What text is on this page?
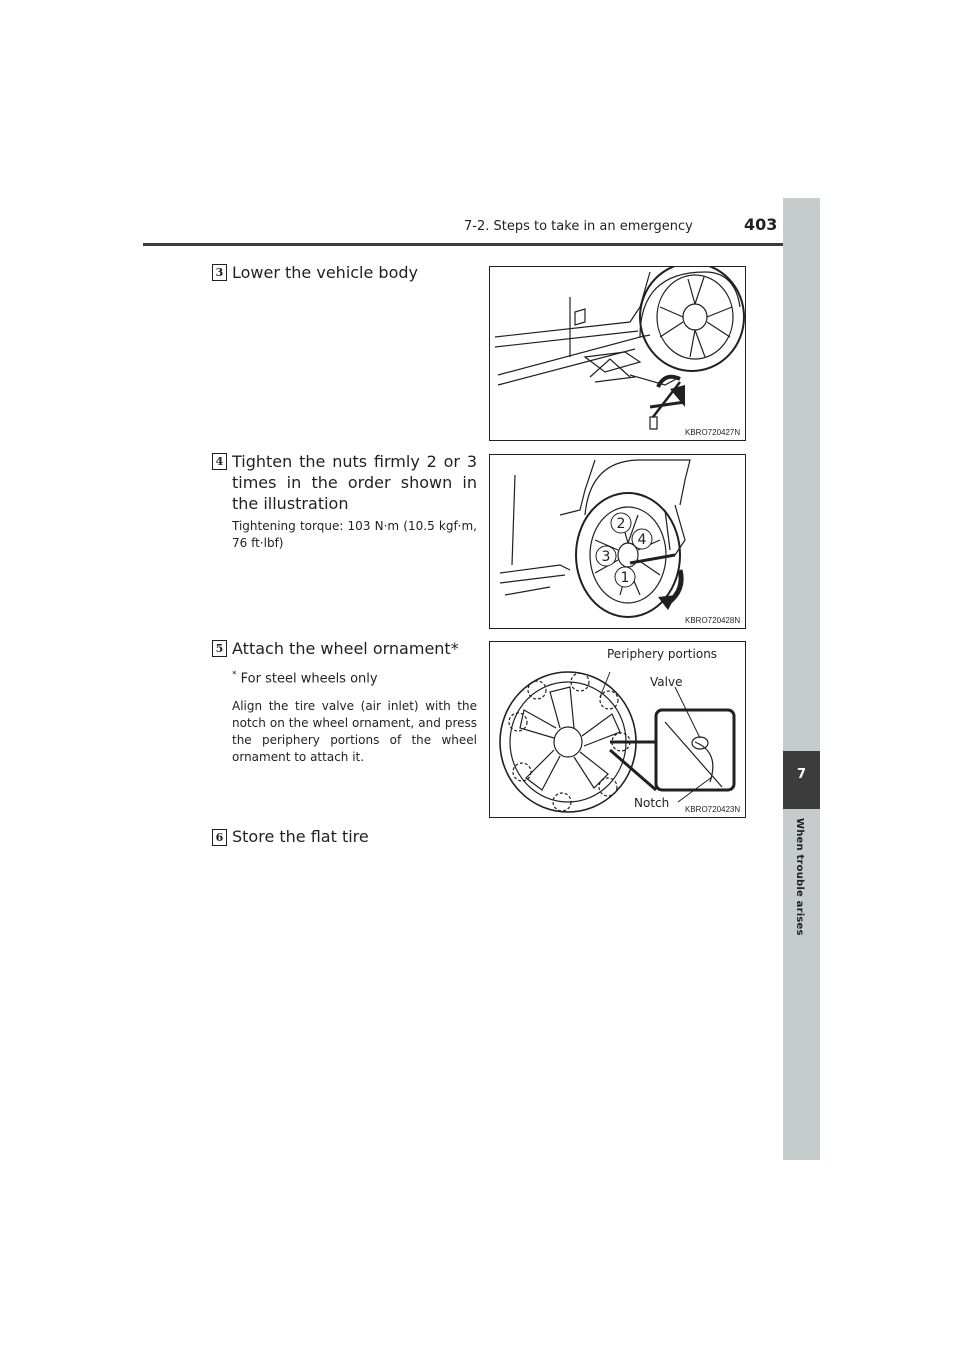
7-2. Steps to take in an emergency	403
7
When trouble arises
3 Lower the vehicle body
KBRO720427N
4 Tighten the nuts firmly 2 or 3 times in the order shown in the illustration
Tightening torque: 103 N·m (10.5 kgf·m, 76 ft·lbf)
1
2
3
4
KBRO720428N
5 Attach the wheel ornament*
* For steel wheels only
Align the tire valve (air inlet) with the notch on the wheel ornament, and press the periphery portions of the wheel ornament to attach it.
Periphery portions
Valve
Notch KBRO720423N
6 Store the flat tire
